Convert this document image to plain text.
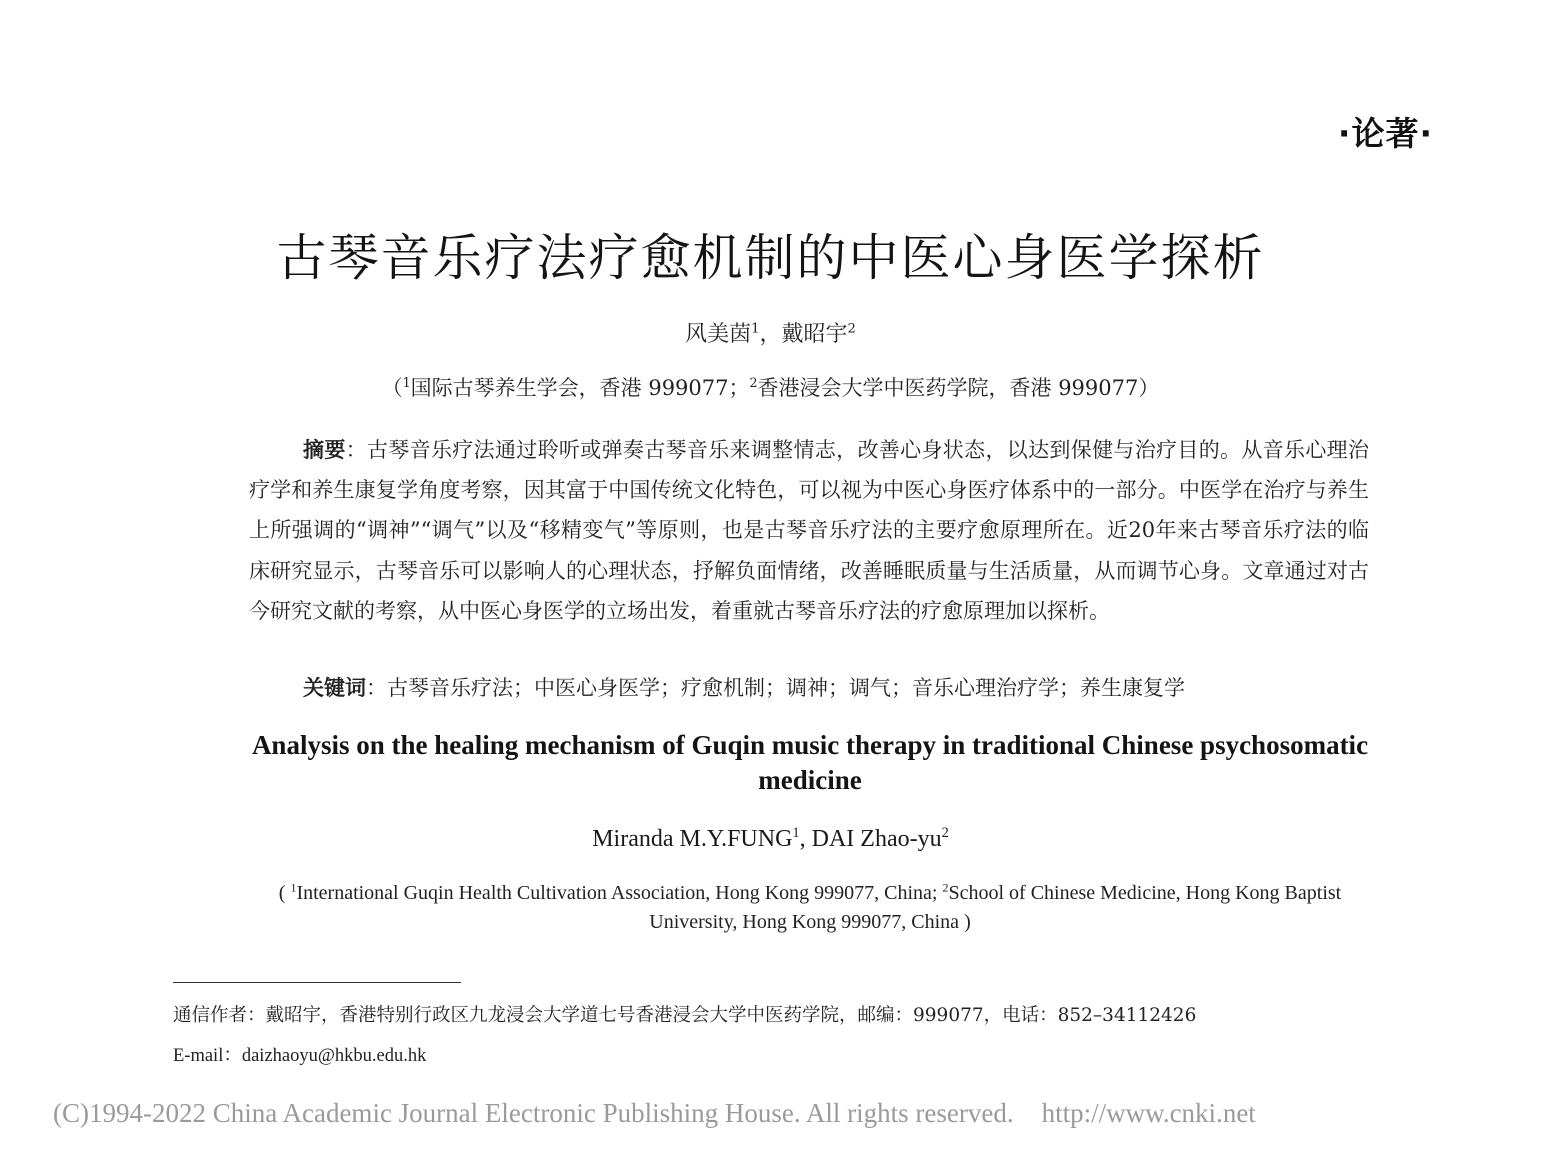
·论著·
古琴音乐疗法疗愈机制的中医心身医学探析
风美茵$^1$，戴昭宇$^2$
（$^1$国际古琴养生学会，香港 999077；$^2$香港浸会大学中医药学院，香港 999077）
摘要：古琴音乐疗法通过聆听或弹奏古琴音乐来调整情志，改善心身状态，以达到保健与治疗目的。从音乐心理治疗学和养生康复学角度考察，因其富于中国传统文化特色，可以视为中医心身医疗体系中的一部分。中医学在治疗与养生上所强调的“调神”“调气”以及“移精变气”等原则，也是古琴音乐疗法的主要疗愈原理所在。近20年来古琴音乐疗法的临床研究显示，古琴音乐可以影响人的心理状态，抒解负面情绪，改善睡眠质量与生活质量，从而调节心身。文章通过对古今研究文献的考察，从中医心身医学的立场出发，着重就古琴音乐疗法的疗愈原理加以探析。
关键词：古琴音乐疗法；中医心身医学；疗愈机制；调神；调气；音乐心理治疗学；养生康复学
Analysis on the healing mechanism of Guqin music therapy in traditional Chinese psychosomatic medicine
Miranda M.Y.FUNG$^1$, DAI Zhao-$yu^2$
( $^1$International Guqin Health Cultivation Association, Hong Kong 999077, China; $^2$School of Chinese Medicine, Hong Kong Baptist University, Hong Kong 999077, China )
通信作者：戴昭宇，香港特别行政区九龙浸会大学道七号香港浸会大学中医药学院，邮编：999077，电话：852–34112426
E-mail：daizhaoyu@hkbu.edu.hk
(C)1994-2022 China Academic Journal Electronic Publishing House. All rights reserved. http://www.cnki.net
